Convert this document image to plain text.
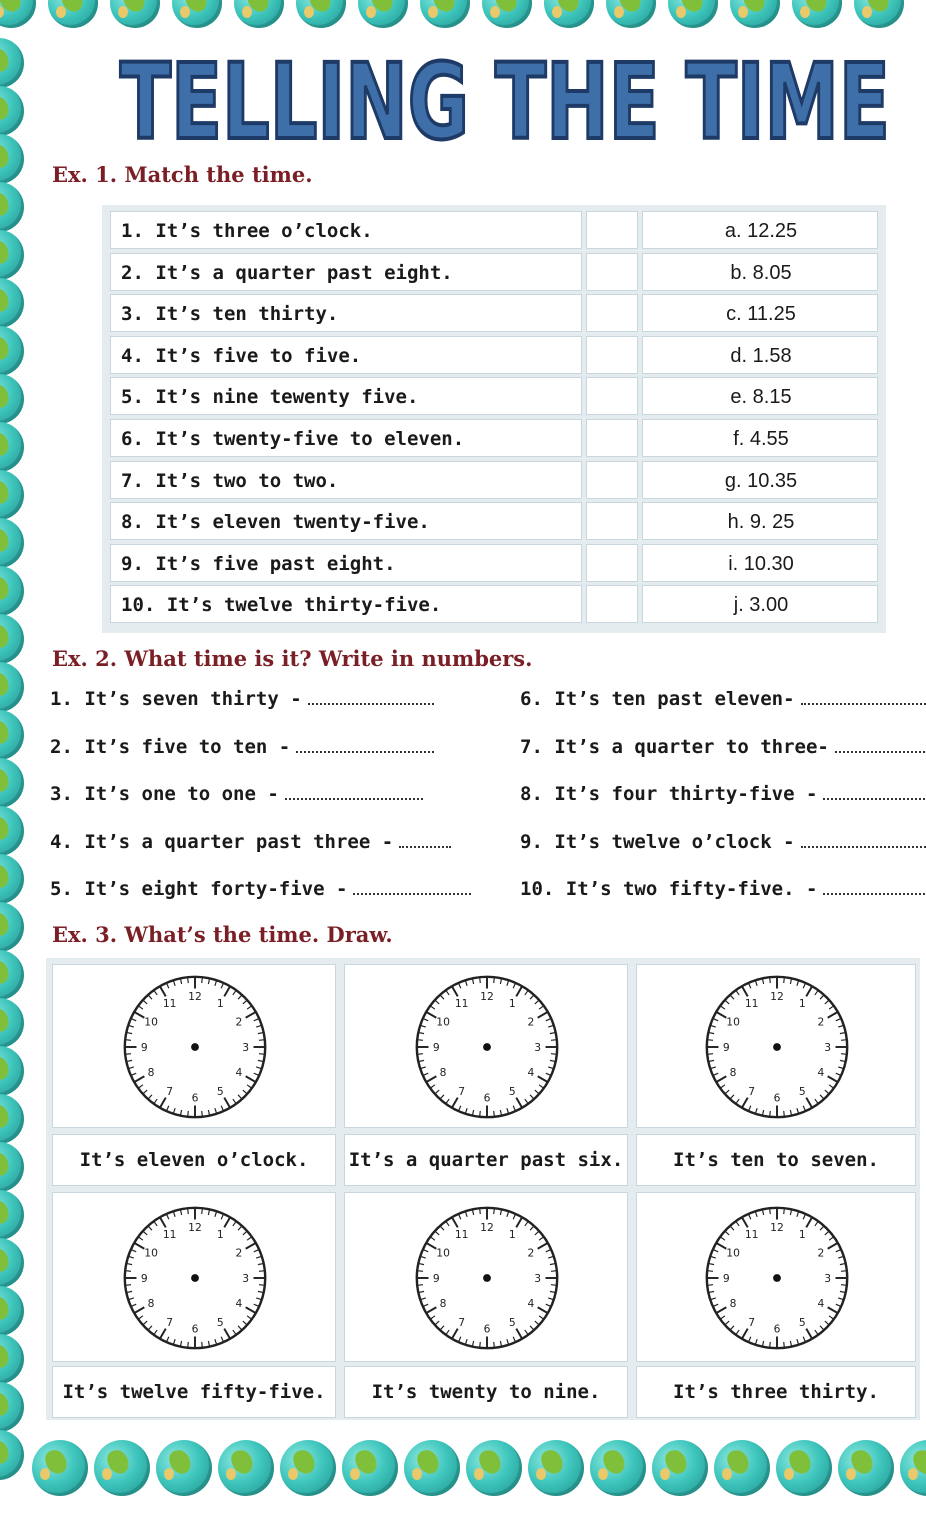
TELLING THE TIME
Ex. 1. Match the time.
1. It’s three o’clock.	a. 12.25
2. It’s a quarter past eight.	b. 8.05
3. It’s ten thirty.	c. 11.25
4. It’s five to five.	d. 1.58
5. It’s nine tewenty five.	e. 8.15
6. It’s twenty-five to eleven.	f. 4.55
7. It’s two to two.	g. 10.35
8. It’s eleven twenty-five.	h. 9. 25
9. It’s five past eight.	i. 10.30
10. It’s twelve thirty-five.	j. 3.00
Ex. 2. What time is it? Write in numbers.
1. It’s seven thirty -
2. It’s five to ten -
3. It’s one to one -
4. It’s a quarter past three -
5. It’s eight forty-five -
6. It’s ten past eleven-
7. It’s a quarter to three-
8. It’s four thirty-five -
9. It’s twelve o’clock -
10. It’s two fifty-five. -
Ex. 3. What’s the time. Draw.
12
1
2
3
4
5
6
7
8
9
10
11
It’s eleven o’clock.
12
1
2
3
4
5
6
7
8
9
10
11
It’s a quarter past six.
12
1
2
3
4
5
6
7
8
9
10
11
It’s ten to seven.
12
1
2
3
4
5
6
7
8
9
10
11
It’s twelve fifty-five.
12
1
2
3
4
5
6
7
8
9
10
11
It’s twenty to nine.
12
1
2
3
4
5
6
7
8
9
10
11
It’s three thirty.
